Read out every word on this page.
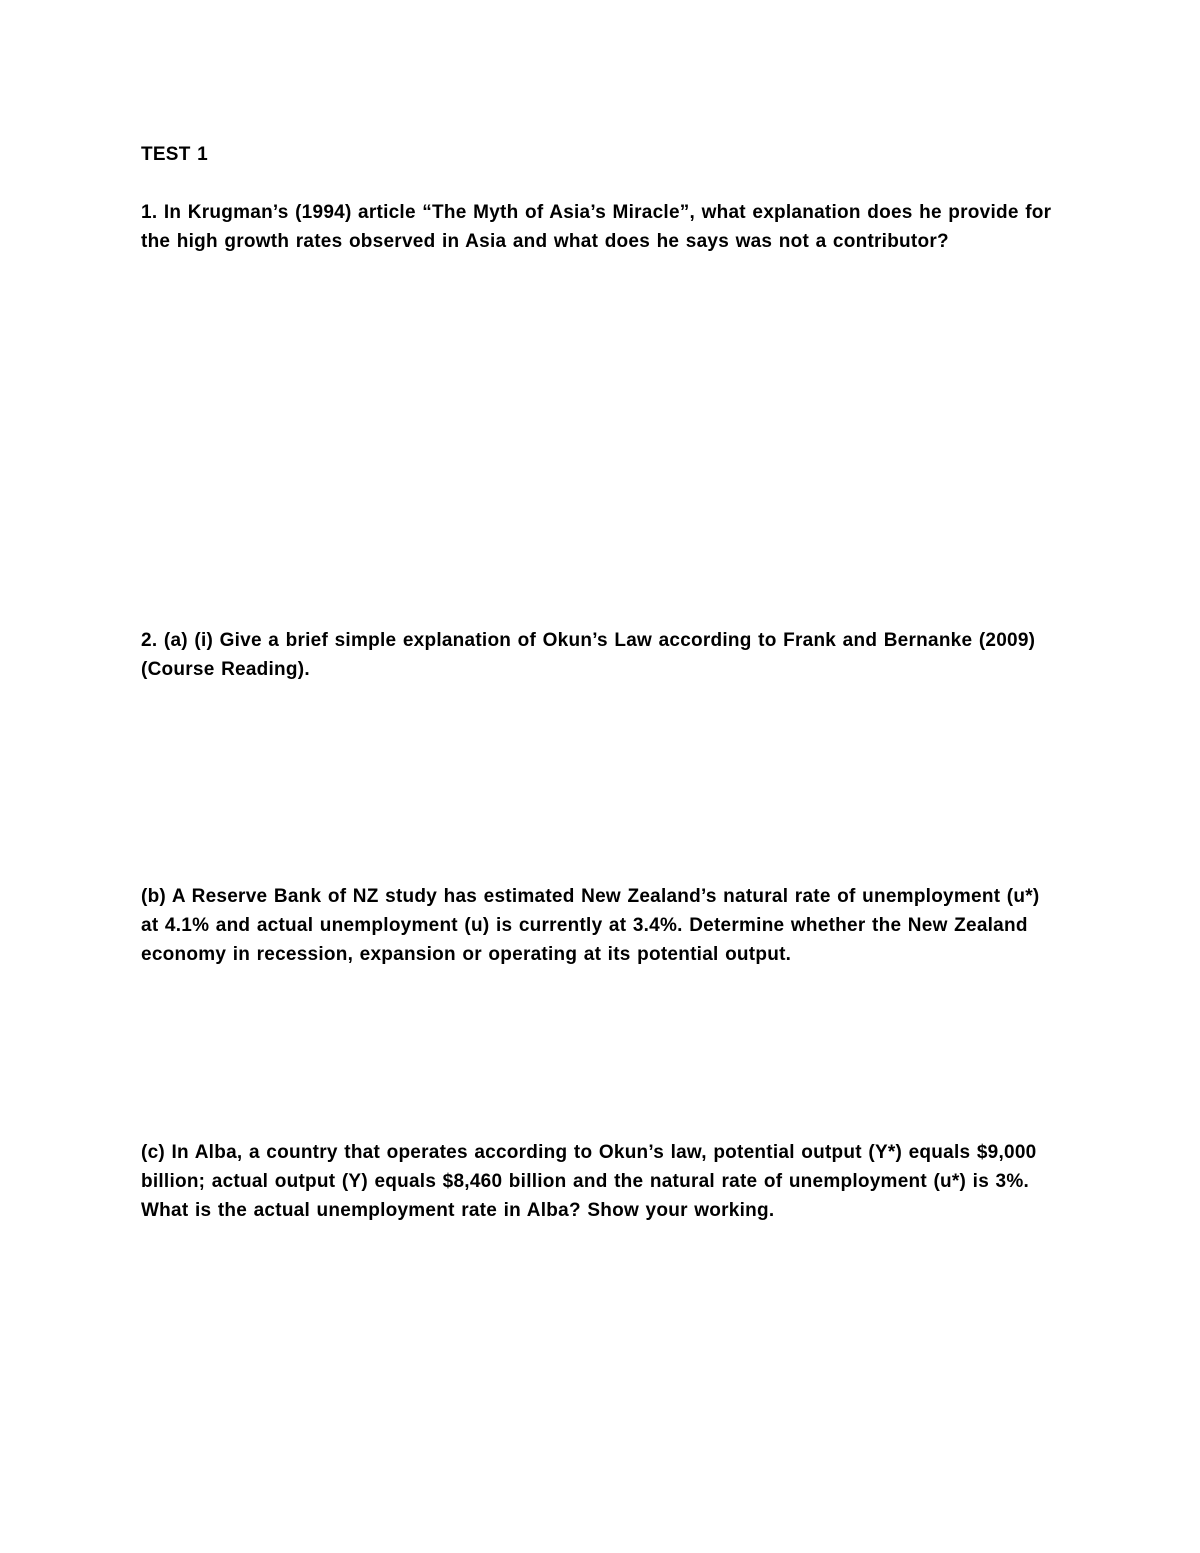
TEST 1

1. In Krugman’s (1994) article “The Myth of Asia’s Miracle”, what explanation does he provide for the high growth rates observed in Asia and what does he says was not a contributor?

2. (a) (i) Give a brief simple explanation of Okun’s Law according to Frank and Bernanke (2009) (Course Reading).

(b) A Reserve Bank of NZ study has estimated New Zealand’s natural rate of unemployment (u*) at 4.1% and actual unemployment (u) is currently at 3.4%. Determine whether the New Zealand economy in recession, expansion or operating at its potential output.

(c) In Alba, a country that operates according to Okun’s law, potential output (Y*) equals $9,000 billion; actual output (Y) equals $8,460 billion and the natural rate of unemployment (u*) is 3%. What is the actual unemployment rate in Alba? Show your working.
